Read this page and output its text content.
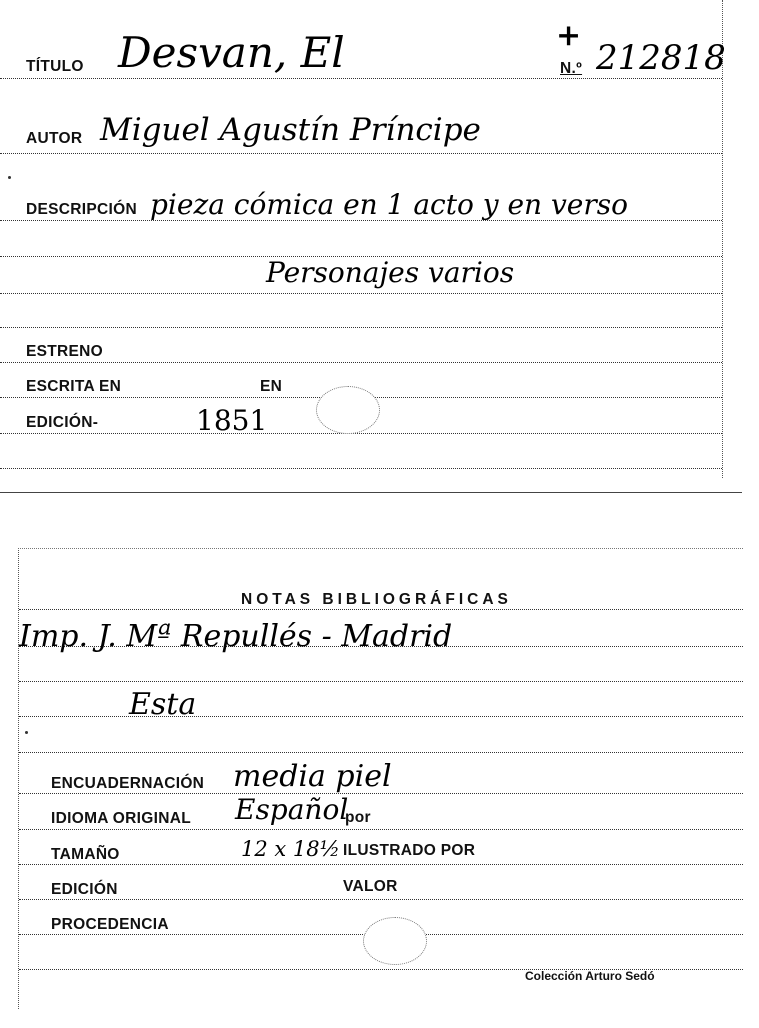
TÍTULO Desvan, El	+
N.º 212818
AUTOR Miguel Agustín Príncipe
DESCRIPCIÓN pieza cómica en 1 acto y en verso
Personajes varios
ESTRENO
ESCRITA EN	EN
EDICIÓN-	1851
NOTAS BIBLIOGRÁFICAS
Imp. J. Mª Repullés - Madrid
Esta
ENCUADERNACIÓN media piel
IDIOMA ORIGINAL Español
por
TAMAÑO	12 x 18½ ILUSTRADO POR
EDICIÓN	VALOR
PROCEDENCIA
Colección Arturo Sedó
